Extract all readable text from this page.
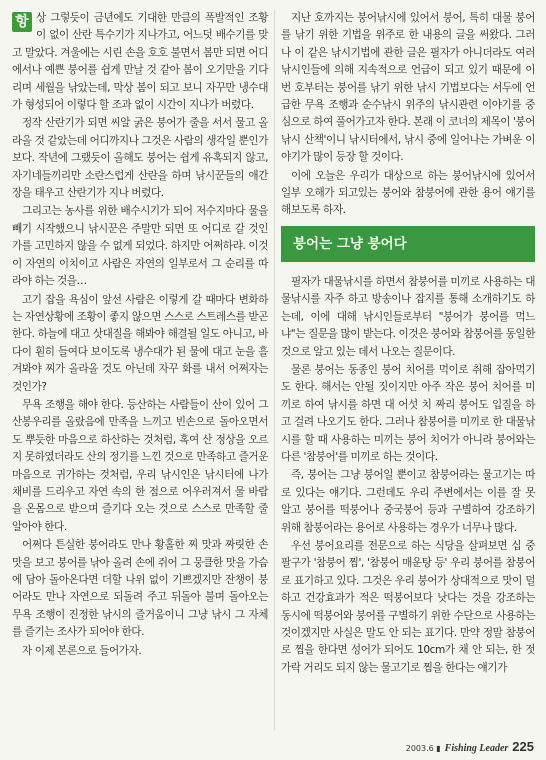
항 상 그렇듯이 금년에도 기대한 만큼의 폭발적인 조황이 없이 산란 특수기가 지나가고, 어느덧 배수기를 맞고 말았다. 겨울에는 시린 손을 호호 불면서 봄만 되면 어디에서나 예쁜 붕어를 쉽게 만날 것 같아 봄이 오기만을 기다리며 세월을 낚았는데, 막상 봄이 되고 보니 자꾸만 냉수대가 형성되어 이렇다 할 조과 없이 시간이 지나가 버렸다.

정작 산란기가 되면 씨알 굵은 붕어가 줄을 서서 물고 올라올 것 같았는데 어디까지나 그것은 사람의 생각일 뿐인가 보다. 작년에 그랬듯이 올해도 붕어는 쉽게 유혹되지 않고, 자기네들끼리만 소란스럽게 산란을 하며 낚시꾼들의 애간장을 태우고 산란기가 지나 버렸다.

그리고는 농사를 위한 배수시기가 되어 저수지마다 물을 빼기 시작했으니 낚시꾼은 주말만 되면 또 어디로 갈 것인가를 고민하지 않을 수 없게 되었다. 하지만 어쩌하랴. 이것이 자연의 이치이고 사람은 자연의 일부로서 그 순리를 따라야 하는 것을…

고기 잡을 욕심이 앞선 사람은 이렇게 갈 때마다 변화하는 자연상황에 조황이 좋지 않으면 스스로 스트레스를 받곤 한다. 하늘에 대고 삿대질을 해봐야 해결될 일도 아니고, 바다이 훤히 들여다 보이도록 냉수대가 된 물에 대고 눈을 흘겨봐야 찌가 올라올 것도 아닌데 자꾸 화를 내서 어쩌자는 것인가?

무욕 조행을 해야 한다. 등산하는 사람들이 산이 있어 그 산봉우리를 올랐음에 만족을 느끼고 빈손으로 돌아오면서도 뿌듯한 마음으로 하산하는 것처럼, 혹여 산 정상을 오르지 못하였더라도 산의 정기를 느낀 것으로 만족하고 즐거운 마음으로 귀가하는 것처럼, 우리 낚시인은 낚시터에 나가 채비를 드리우고 자연 속의 한 점으로 어우러져서 물 바람을 온몸으로 받으며 즐기다 오는 것으로 스스로 만족할 줄 알아야 한다.

어쩌다 튼실한 붕어라도 만나 황홀한 찌 맛과 짜릿한 손맛을 보고 붕어를 낚아 올려 손에 쥐어 그 뭉클한 맛을 가슴에 담아 돌아온다면 더할 나위 없이 기쁘겠지만 잔챙이 붕어라도 만나 자연으로 되돌려 주고 뒤돌아 불며 돌아오는 무욕 조행이 진정한 낚시의 즐거움이니 그냥 낚시 그 자체를 즐기는 조사가 되어야 한다.

자 이제 본론으로 들어가자.

지난 호까지는 붕어낚시에 있어서 붕어, 특히 대물 붕어를 낚기 위한 기법을 위주로 한 내용의 글을 써왔다. 그러나 이 같은 낚시기법에 관한 글은 필자가 아니더라도 여러 낚시인들에 의해 지속적으로 언급이 되고 있기 때문에 이번 호부터는 붕어를 낚기 위한 낚시 기법보다는 서두에 언급한 무욕 조행과 순수낚시 위주의 낚시관련 이야기를 중심으로 하여 풀어가고자 한다. 본래 이 코너의 제목이 '붕어낚시 산책'이니 낚시터에서, 낚시 중에 일어나는 가벼운 이야기가 많이 등장 할 것이다.

이에 오늘은 우리가 대상으로 하는 붕어낚시에 있어서 일부 오해가 되고있는 붕어와 참붕어에 관한 용어 얘기를 해보도록 하자.

붕어는 그냥 붕어다

필자가 대물낚시를 하면서 참붕어를 미끼로 사용하는 대물낚시를 자주 하고 방송이나 잡지를 통해 소개하기도 하는데, 이에 대해 낚시인들로부터 "붕어가 붕어를 먹느냐"는 질문을 많이 받는다. 이것은 붕어와 참붕어를 동일한 것으로 알고 있는 데서 나오는 질문이다.

물론 붕어는 동종인 붕어 치어를 먹이로 취해 잡아먹기도 한다. 해서는 안될 짓이지만 아주 작은 붕어 치어를 미끼로 하여 낚시를 하면 대 어섯 치 짜리 붕어도 입질을 하고 걸려 나오기도 한다. 그러나 참붕어를 미끼로 한 대물낚시를 할 때 사용하는 미끼는 붕어 치어가 아니라 붕어와는 다른 '참붕어'를 미끼로 하는 것이다.

즉, 붕어는 그냥 붕어일 뿐이고 참붕어라는 물고기는 따로 있다는 얘기다. 그런데도 우리 주변에서는 이를 잘 못 알고 붕어를 떡붕어나 중국붕어 등과 구별하여 강조하기 위해 참붕어라는 용어로 사용하는 경우가 너무나 많다.

우선 붕어요리를 전문으로 하는 식당을 살펴보면 십 중 팔구가 '참붕어 찜', '참붕어 매운탕 등' 우리 붕어를 참붕어로 표기하고 있다. 그것은 우리 붕어가 상대적으로 맛이 덜하고 건강효과가 적은 떡붕어보다 낫다는 것을 강조하는 동시에 떡붕어와 붕어를 구별하기 위한 수단으로 사용하는 것이겠지만 사실은 말도 안 되는 표기다. 만약 정말 참붕어로 찜을 한다면 성어가 되어도 10cm가 채 안 되는, 한 젓가락 거리도 되지 않는 물고기로 찜을 한다는 얘기가

2003.6 ▮ Fishing Leader 225
